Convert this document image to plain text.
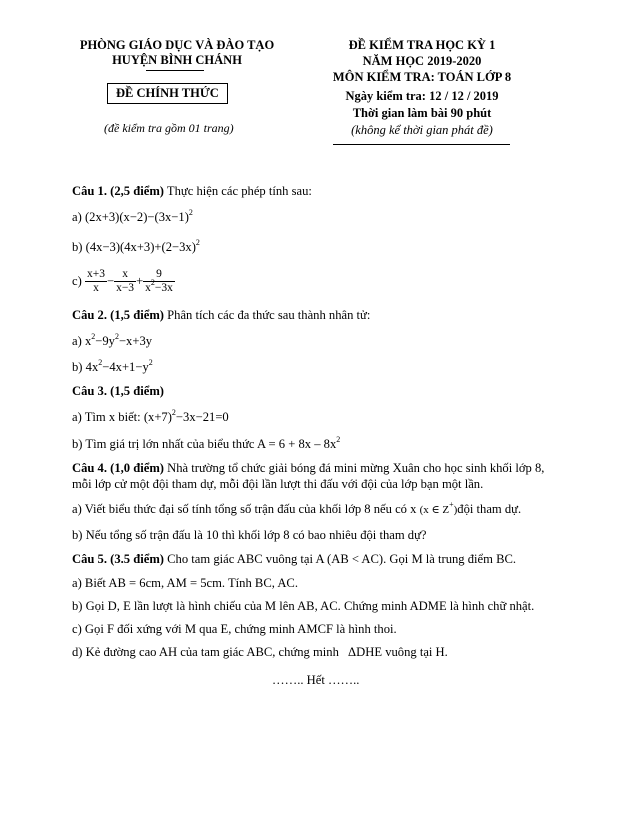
PHÒNG GIÁO DỤC VÀ ĐÀO TẠO
HUYỆN BÌNH CHÁNH
ĐỀ CHÍNH THỨC
(đề kiểm tra gồm 01 trang)
ĐỀ KIỂM TRA HỌC KỲ 1
NĂM HỌC 2019-2020
MÔN KIỂM TRA: TOÁN LỚP 8
Ngày kiểm tra: 12 / 12 / 2019
Thời gian làm bài 90 phút
(không kể thời gian phát đề)
Câu 1. (2,5 điểm) Thực hiện các phép tính sau:
a) $(2x+3)(x-2)-(3x-1)^2$
b) $(4x-3)(4x+3)+(2-3x)^2$
$c) \frac{x+3}{x} - \frac{x}{x-3} + \frac{9}{x^2-3x}$
Câu 2. (1,5 điểm) Phân tích các đa thức sau thành nhân tử:
a) $x^2-9y^2-x+3y$
b) $4x^2-4x+1-y^2$
Câu 3. (1,5 điểm)
a) Tìm x biết: $(x+7)^2-3x-21=0$
b) Tìm giá trị lớn nhất của biểu thức $A = 6 + 8x - 8x^2$
Câu 4. (1,0 điểm) Nhà trường tổ chức giải bóng đá mini mừng Xuân cho học sinh khối lớp 8,
mỗi lớp cử một đội tham dự, mỗi đội lần lượt thi đấu với đội của lớp bạn một lần.
a) Viết biểu thức đại số tính tổng số trận đấu của khối lớp 8 nếu có x (x ∈ Z+)đội tham dự.
b) Nếu tổng số trận đấu là 10 thì khối lớp 8 có bao nhiêu đội tham dự?
Câu 5. (3.5 điểm) Cho tam giác ABC vuông tại A (AB < AC). Gọi M là trung điểm BC.
a) Biết AB = 6cm, AM = 5cm. Tính BC, AC.
b) Gọi D, E lần lượt là hình chiếu của M lên AB, AC. Chứng minh ADME là hình chữ nhật.
c) Gọi F đối xứng với M qua E, chứng minh AMCF là hình thoi.
d) Kẻ đường cao AH của tam giác ABC, chứng minh ΔDHE vuông tại H.
…….. Hết ……..
